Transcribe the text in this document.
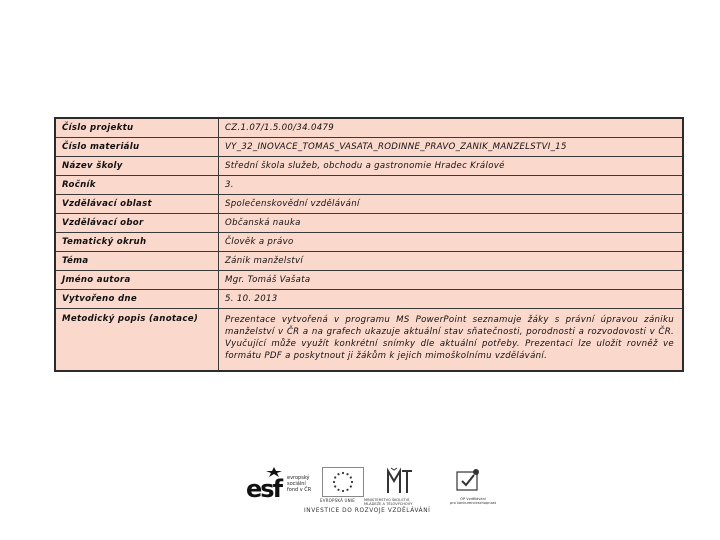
Číslo projektu	CZ.1.07/1.5.00/34.0479
Číslo materiálu	VY_32_INOVACE_TOMAS_VASATA_RODINNE_PRAVO_ZANIK_MANZELSTVI_15
Název školy	Střední škola služeb, obchodu a gastronomie Hradec Králové
Ročník	3.
Vzdělávací oblast	Společenskovědní vzdělávání
Vzdělávací obor	Občanská nauka
Tematický okruh	Člověk a právo
Téma	Zánik manželství
Jméno autora	Mgr. Tomáš Vašata
Vytvořeno dne	5. 10. 2013
Metodický popis (anotace)	Prezentace vytvořená v programu MS PowerPoint seznamuje žáky s právní úpravou zániku manželství v ČR a na grafech ukazuje aktuální stav sňatečnosti, porodnosti a rozvodovosti v ČR. Vyučující může využít konkrétní snímky dle aktuální potřeby. Prezentaci lze uložit rovněž ve formátu PDF a poskytnout ji žákům k jejich mimoškolnímu vzdělávání.
esf evropský
sociální
fond v ČR
EVROPSKÁ UNIE	MINISTERSTVO ŠKOLSTVÍ,
MLÁDEŽE A TĚLOVÝCHOVY
OP Vzdělávání
pro konkurenceschopnost
INVESTICE DO ROZVOJE VZDĚLÁVÁNÍ
